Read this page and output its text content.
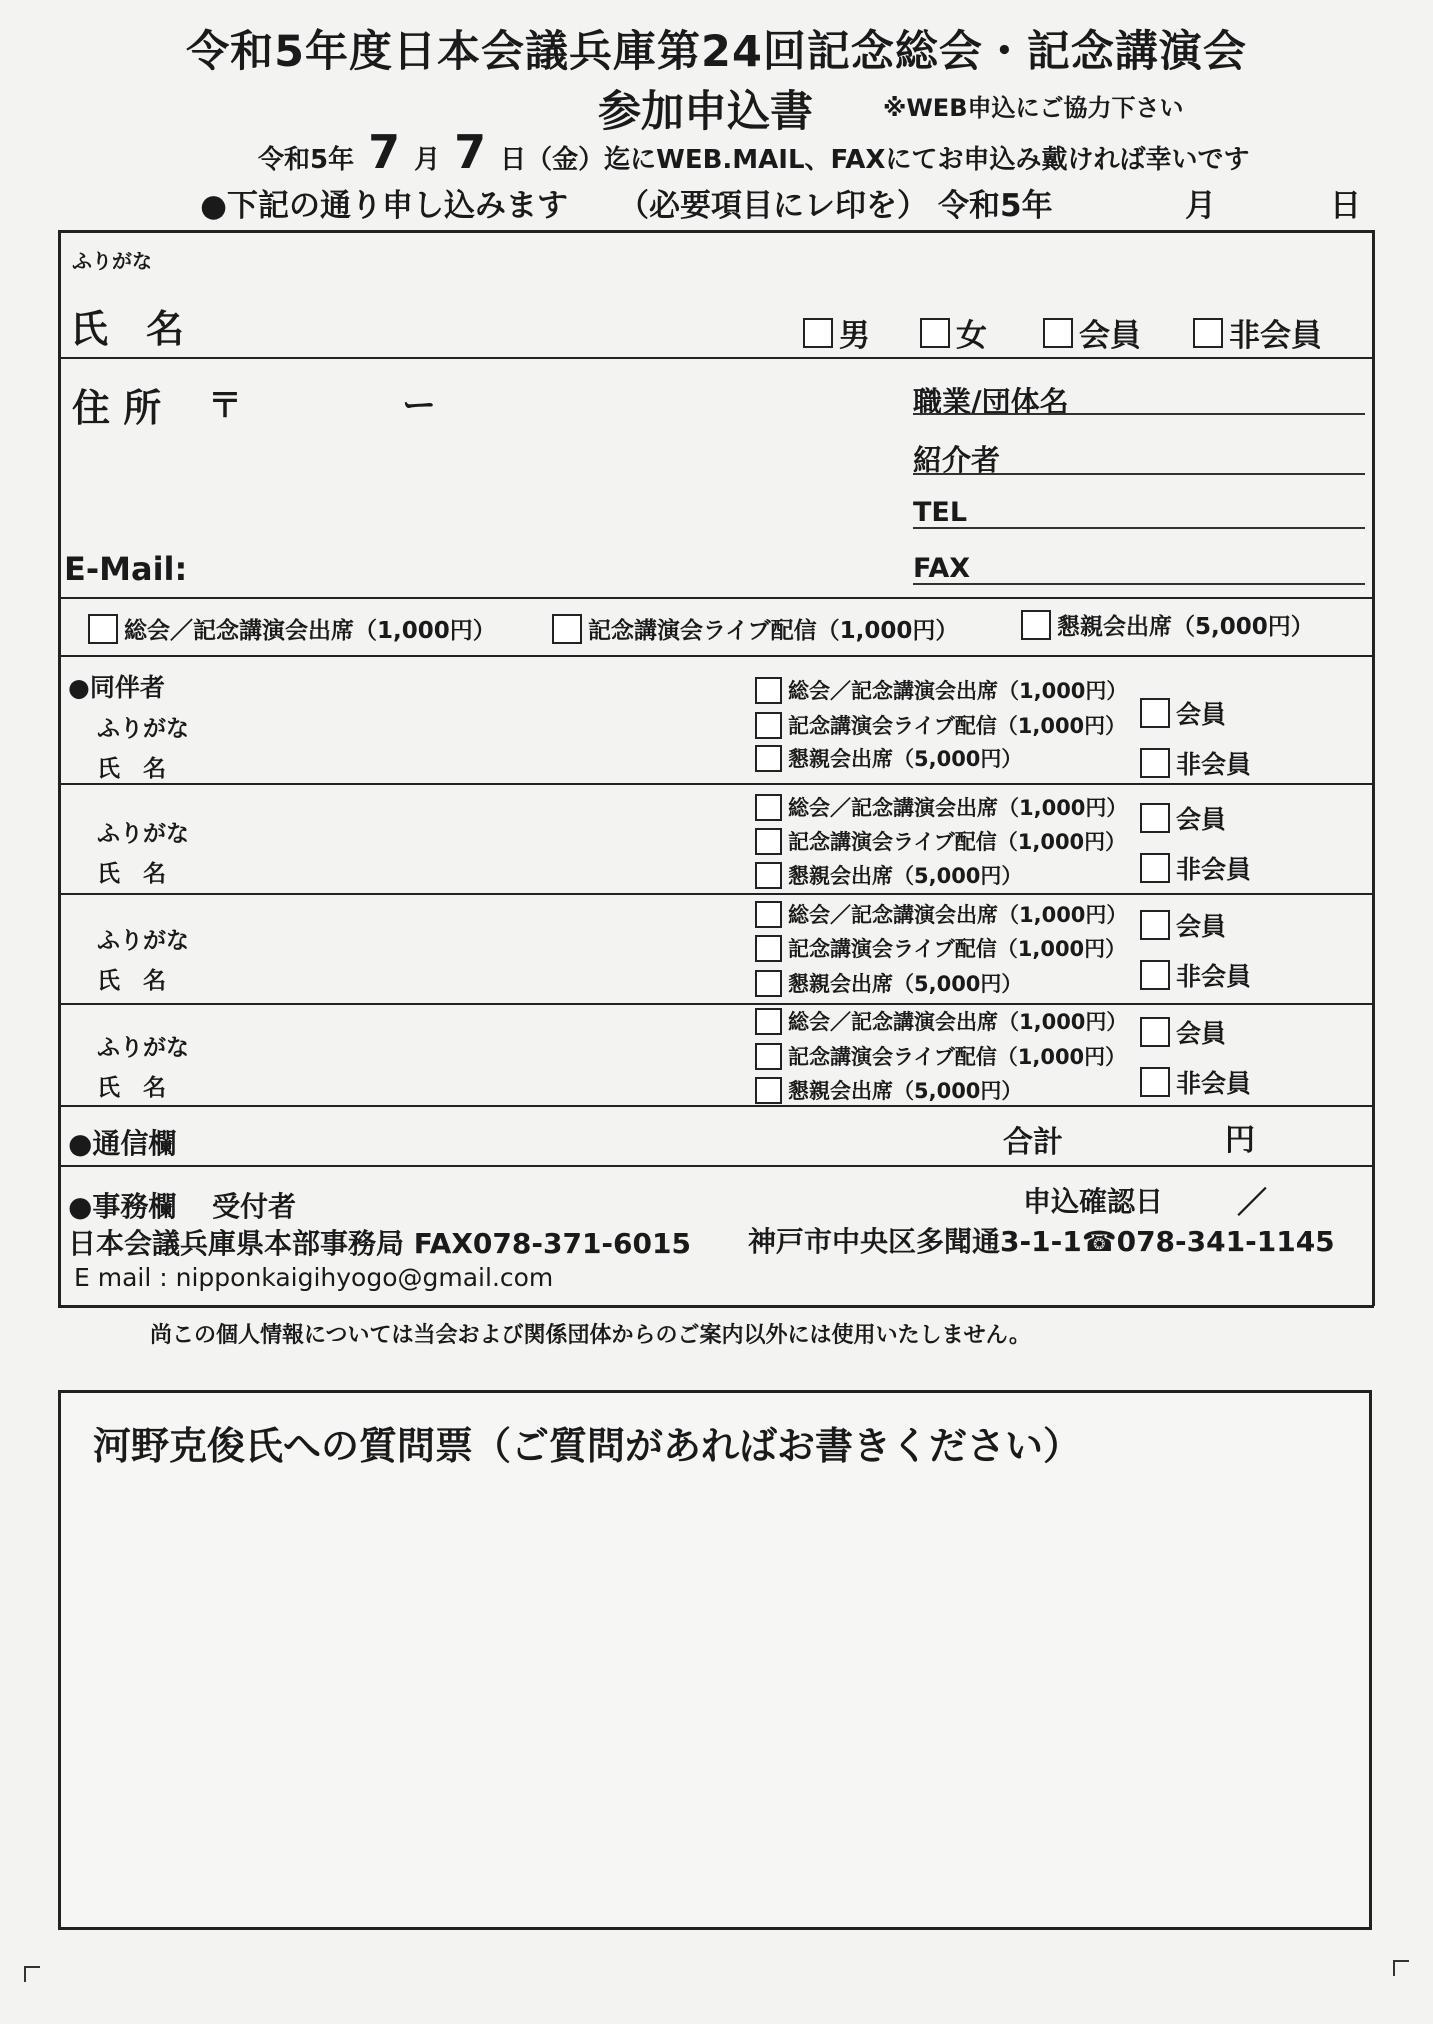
令和5年度日本会議兵庫第24回記念総会・記念講演会
参加申込書	※WEB申込にご協力下さい
令和5年 7 月 7 日（金）迄にWEB.MAIL、FAXにてお申込み戴ければ幸いです
●下記の通り申し込みます （必要項目にレ印を） 令和5年	月	日
ふりがな
氏　名	男	女	会員	非会員
住 所 〒	ー
E-Mail:
職業/団体名
紹介者
TEL
FAX
総会／記念講演会出席（1,000円）	記念講演会ライブ配信（1,000円）	懇親会出席（5,000円）
●同伴者
ふりがな
氏　名
総会／記念講演会出席（1,000円）
記念講演会ライブ配信（1,000円）
懇親会出席（5,000円）
会員
非会員
ふりがな
氏　名
総会／記念講演会出席（1,000円）
記念講演会ライブ配信（1,000円）
懇親会出席（5,000円）
会員
非会員
ふりがな
氏　名
総会／記念講演会出席（1,000円）
記念講演会ライブ配信（1,000円）
懇親会出席（5,000円）
会員
非会員
ふりがな
氏　名
総会／記念講演会出席（1,000円）
記念講演会ライブ配信（1,000円）
懇親会出席（5,000円）
会員
非会員
●通信欄	合計	円
●事務欄 受付者	申込確認日 ／
日本会議兵庫県本部事務局 FAX078-371-6015 神戸市中央区多聞通3-1-1☎078-341-1145
E mail : nipponkaigihyogo@gmail.com
尚この個人情報については当会および関係団体からのご案内以外には使用いたしません。
河野克俊氏への質問票（ご質問があればお書きください）
